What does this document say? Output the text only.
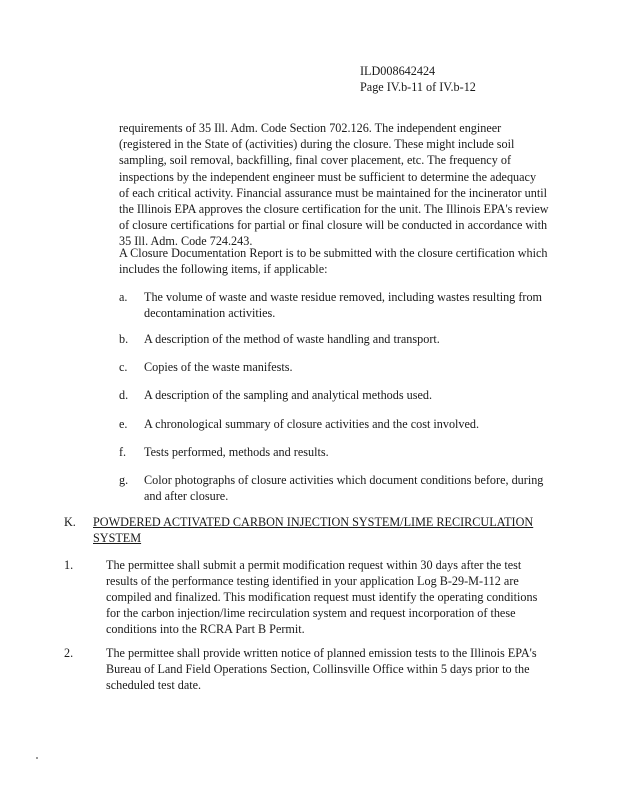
ILD008642424
Page IV.b-11 of IV.b-12
requirements of 35 Ill. Adm. Code Section 702.126. The independent engineer (registered in the State of (activities) during the closure. These might include soil sampling, soil removal, backfilling, final cover placement, etc. The frequency of inspections by the independent engineer must be sufficient to determine the adequacy of each critical activity. Financial assurance must be maintained for the incinerator until the Illinois EPA approves the closure certification for the unit. The Illinois EPA's review of closure certifications for partial or final closure will be conducted in accordance with 35 Ill. Adm. Code 724.243.
A Closure Documentation Report is to be submitted with the closure certification which includes the following items, if applicable:
a.	The volume of waste and waste residue removed, including wastes resulting from decontamination activities.
b.	A description of the method of waste handling and transport.
c.	Copies of the waste manifests.
d.	A description of the sampling and analytical methods used.
e.	A chronological summary of closure activities and the cost involved.
f.	Tests performed, methods and results.
g.	Color photographs of closure activities which document conditions before, during and after closure.
K. POWDERED ACTIVATED CARBON INJECTION SYSTEM/LIME RECIRCULATION SYSTEM
1.	The permittee shall submit a permit modification request within 30 days after the test results of the performance testing identified in your application Log B-29-M-112 are compiled and finalized. This modification request must identify the operating conditions for the carbon injection/lime recirculation system and request incorporation of these conditions into the RCRA Part B Permit.
2.	The permittee shall provide written notice of planned emission tests to the Illinois EPA's Bureau of Land Field Operations Section, Collinsville Office within 5 days prior to the scheduled test date.
